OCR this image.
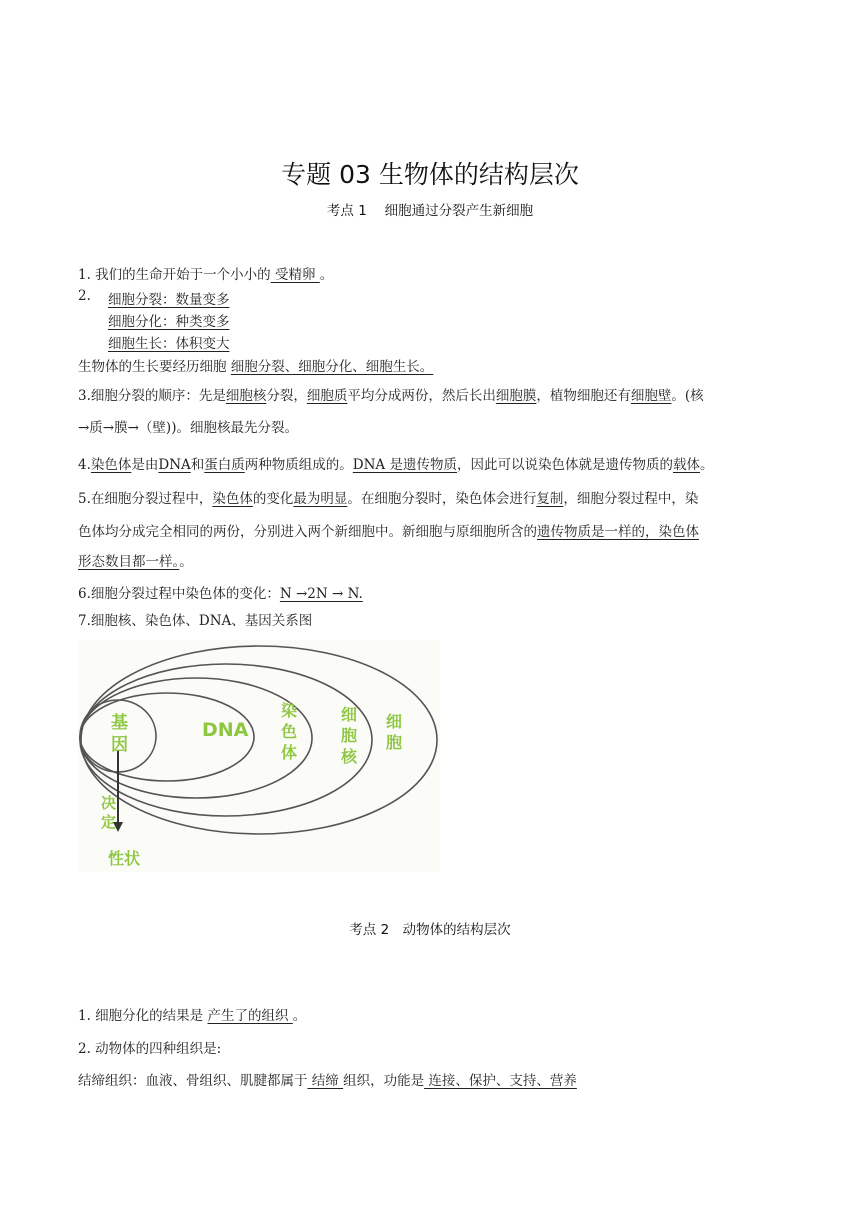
专题 03 生物体的结构层次
考点 1　 细胞通过分裂产生新细胞
1. 我们的生命开始于一个小小的 受精卵 。
2. 细胞分裂：数量变多
细胞分化：种类变多
细胞生长：体积变大
生物体的生长要经历细胞 细胞分裂、细胞分化、细胞生长。
3.细胞分裂的顺序：先是细胞核分裂，细胞质平均分成两份，然后长出细胞膜，植物细胞还有细胞壁。(核
→质→膜→（壁))。细胞核最先分裂。
4.染色体是由DNA和蛋白质两种物质组成的。DNA 是遗传物质，因此可以说染色体就是遗传物质的载体。
5.在细胞分裂过程中，染色体的变化最为明显。在细胞分裂时，染色体会进行复制，细胞分裂过程中，染
色体均分成完全相同的两份，分别进入两个新细胞中。新细胞与原细胞所含的遗传物质是一样的，染色体
形态数目都一样。。
6.细胞分裂过程中染色体的变化：N →2N → N.
7.细胞核、染色体、DNA、基因关系图
基
因
DNA
染
色
体
细
胞
核
细
胞
决
定
性状
考点 2　动物体的结构层次
1. 细胞分化的结果是 产生了的组织 。
2. 动物体的四种组织是:
结缔组织：血液、骨组织、肌腱都属于 结缔 组织，功能是 连接、保护、支持、营养
